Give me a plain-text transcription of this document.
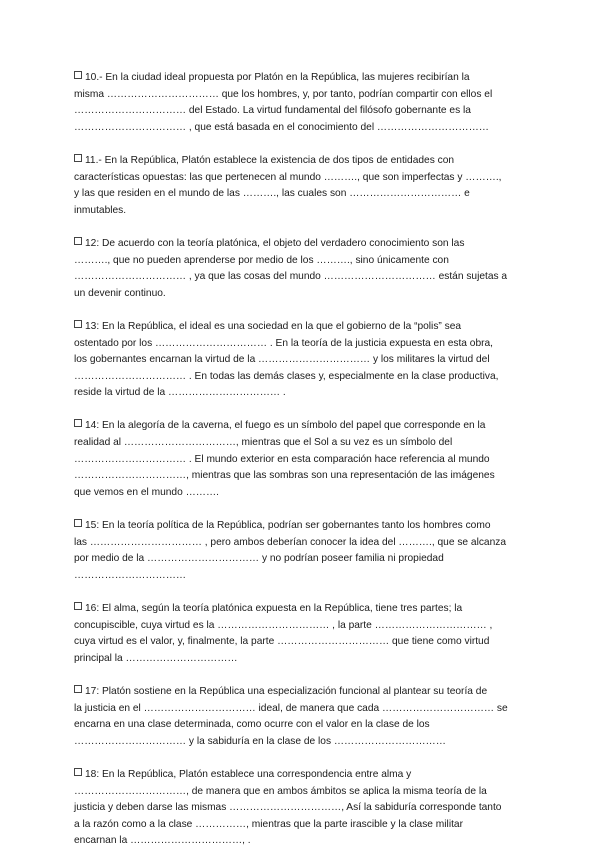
10.- En la ciudad ideal propuesta por Platón en la República, las mujeres recibirían la
misma …………………………… que los hombres, y, por tanto, podrían compartir con ellos el
…………………………… del Estado. La virtud fundamental del filósofo gobernante es la
…………………………… , que está basada en el conocimiento del ……………………………
11.- En la República, Platón establece la existencia de dos tipos de entidades con
características opuestas: las que pertenecen al mundo ………., que son imperfectas y ……….,
y las que residen en el mundo de las ………., las cuales son …………………………… e
inmutables.
12: De acuerdo con la teoría platónica, el objeto del verdadero conocimiento son las
………., que no pueden aprenderse por medio de los ………., sino únicamente con
…………………………… , ya que las cosas del mundo …………………………… están sujetas a
un devenir continuo.
13: En la República, el ideal es una sociedad en la que el gobierno de la “polis” sea
ostentado por los …………………………… . En la teoría de la justicia expuesta en esta obra,
los gobernantes encarnan la virtud de la …………………………… y los militares la virtud del
…………………………… . En todas las demás clases y, especialmente en la clase productiva,
reside la virtud de la …………………………… .
14: En la alegoría de la caverna, el fuego es un símbolo del papel que corresponde en la
realidad al ……………………………, mientras que el Sol a su vez es un símbolo del
…………………………… . El mundo exterior en esta comparación hace referencia al mundo
……………………………, mientras que las sombras son una representación de las imágenes
que vemos en el mundo ……….
15: En la teoría política de la República, podrían ser gobernantes tanto los hombres como
las …………………………… , pero ambos deberían conocer la idea del ………., que se alcanza
por medio de la …………………………… y no podrían poseer familia ni propiedad
……………………………
16: El alma, según la teoría platónica expuesta en la República, tiene tres partes; la
concupiscible, cuya virtud es la …………………………… , la parte …………………………… ,
cuya virtud es el valor, y, finalmente, la parte …………………………… que tiene como virtud
principal la ……………………………
17: Platón sostiene en la República una especialización funcional al plantear su teoría de
la justicia en el …………………………… ideal, de manera que cada …………………………… se
encarna en una clase determinada, como ocurre con el valor en la clase de los
…………………………… y la sabiduría en la clase de los ……………………………
18: En la República, Platón establece una correspondencia entre alma y
……………………………, de manera que en ambos ámbitos se aplica la misma teoría de la
justicia y deben darse las mismas ……………………………, Así la sabiduría corresponde tanto
a la razón como a la clase ……………, mientras que la parte irascible y la clase militar
encarnan la ……………………………, .
